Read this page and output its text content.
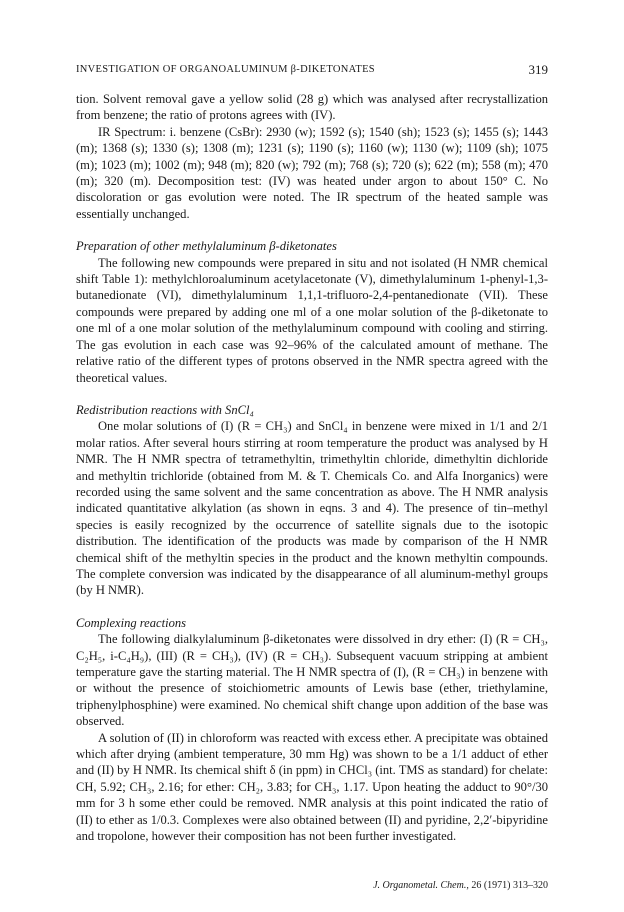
INVESTIGATION OF ORGANOALUMINUM β-DIKETONATES	319

tion. Solvent removal gave a yellow solid (28 g) which was analysed after recrystallization from benzene; the ratio of protons agrees with (IV).

IR Spectrum: i. benzene (CsBr): 2930 (w); 1592 (s); 1540 (sh); 1523 (s); 1455 (s); 1443 (m); 1368 (s); 1330 (s); 1308 (m); 1231 (s); 1190 (s); 1160 (w); 1130 (w); 1109 (sh); 1075 (m); 1023 (m); 1002 (m); 948 (m); 820 (w); 792 (m); 768 (s); 720 (s); 622 (m); 558 (m); 470 (m); 320 (m). Decomposition test: (IV) was heated under argon to about 150° C. No discoloration or gas evolution were noted. The IR spectrum of the heated sample was essentially unchanged.

Preparation of other methylaluminum β-diketonates

The following new compounds were prepared in situ and not isolated (H NMR chemical shift Table 1): methylchloroaluminum acetylacetonate (V), dimethylaluminum 1-phenyl-1,3-butanedionate (VI), dimethylaluminum 1,1,1-trifluoro-2,4-pentanedionate (VII). These compounds were prepared by adding one ml of a one molar solution of the β-diketonate to one ml of a one molar solution of the methylaluminum compound with cooling and stirring. The gas evolution in each case was 92–96% of the calculated amount of methane. The relative ratio of the different types of protons observed in the NMR spectra agreed with the theoretical values.

Redistribution reactions with SnCl₄

One molar solutions of (I) (R = CH₃) and SnCl₄ in benzene were mixed in 1/1 and 2/1 molar ratios. After several hours stirring at room temperature the product was analysed by H NMR. The H NMR spectra of tetramethyltin, trimethyltin chloride, dimethyltin dichloride and methyltin trichloride (obtained from M. & T. Chemicals Co. and Alfa Inorganics) were recorded using the same solvent and the same concentration as above. The H NMR analysis indicated quantitative alkylation (as shown in eqns. 3 and 4). The presence of tin–methyl species is easily recognized by the occurrence of satellite signals due to the isotopic distribution. The identification of the products was made by comparison of the H NMR chemical shift of the methyltin species in the product and the known methyltin compounds. The complete conversion was indicated by the disappearance of all aluminum-methyl groups (by H NMR).

Complexing reactions

The following dialkylaluminum β-diketonates were dissolved in dry ether: (I) (R = CH₃, C₂H₅, i-C₄H₉), (III) (R = CH₃), (IV) (R = CH₃). Subsequent vacuum stripping at ambient temperature gave the starting material. The H NMR spectra of (I), (R = CH₃) in benzene with or without the presence of stoichiometric amounts of Lewis base (ether, triethylamine, triphenylphosphine) were examined. No chemical shift change upon addition of the base was observed.

A solution of (II) in chloroform was reacted with excess ether. A precipitate was obtained which after drying (ambient temperature, 30 mm Hg) was shown to be a 1/1 adduct of ether and (II) by H NMR. Its chemical shift δ (in ppm) in CHCl₃ (int. TMS as standard) for chelate: CH, 5.92; CH₃, 2.16; for ether: CH₂, 3.83; for CH₃, 1.17. Upon heating the adduct to 90°/30 mm for 3 h some ether could be removed. NMR analysis at this point indicated the ratio of (II) to ether as 1/0.3. Complexes were also obtained between (II) and pyridine, 2,2′-bipyridine and tropolone, however their composition has not been further investigated.

J. Organometal. Chem., 26 (1971) 313–320
